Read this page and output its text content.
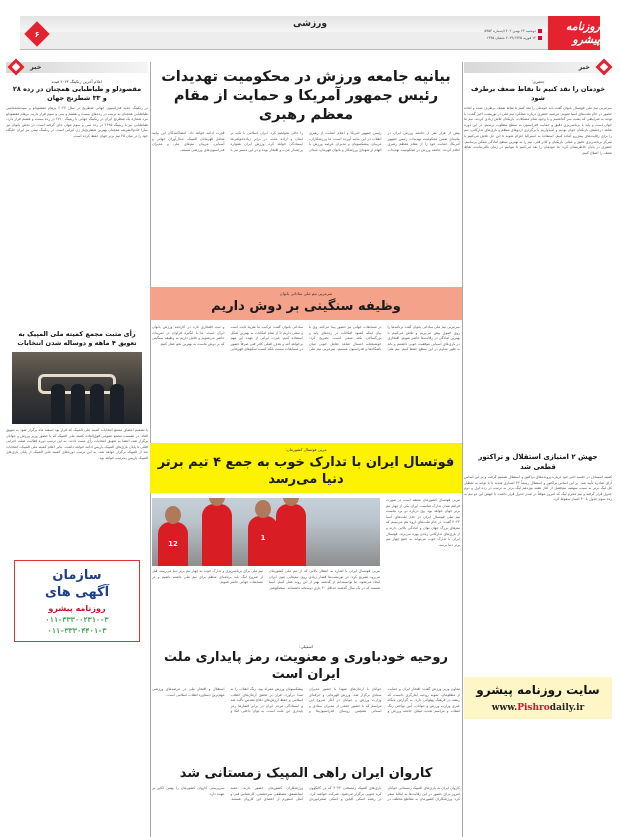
روزنامه پیشرو
دوشنبه ۲۳ بهمن ۱۴۰۲/شماره ۵۹۵۳
۱۲ فوریه ۲۰۲۴/۱۴۴۵ شعبان ۱۴۴۵
ورزشی
۶
خبر
جعفری:
خودمان را نقد کنیم تا نقاط ضعف برطرف شود
سرمربی تیم ملی فوتسال بانوان گفت باید خودمان را نقد کنیم تا نقاط ضعف برطرف شده و آماده حضور در جام ملت‌های آسیا شویم. مرضیه جعفری درباره عملکرد تیم ملی در تورنمنت اخیر گفت: با توجه به شرایطی که پشت سر گذاشتیم و با وجود تمام مشکلات، بازیکنان تلاش زیادی کردند. تیم ما جوان است و باید با برنامه‌ریزی دقیق و حمایت فدراسیون به سطح مطلوب برسیم. در این دوره شاهد درخشش بازیکنان جوان بودیم و امیدواریم با برگزاری اردوهای منظم و بازی‌های تدارکاتی، تیم را برای رقابت‌های پیش‌رو آماده کنیم. استفاده به استرالیا اعزام شوند تا این حل تلاش می‌کنیم با تمرکز برنامه‌ریزی دقیق و عملی بازیکنان و کادر فنی، تیم را به بهترین سطح آمادگی ممکن برسانیم. جعفری در پایان خاطرنشان کرد: ما خودمان را نقد می‌کنیم تا بتوانیم در زمان باقی‌مانده، نقاط ضعف را اصلاح کنیم.
جهش ۲ امتیازی استقلال و تراکتور قطعی شد
کمیته استیناف در جلسه اخیر خود درباره پرونده‌های تراکتور و استقلال تصمیم گرفت و بر این اساس آرای صادره تأیید شد. بر این اساس تراکتور و استقلال رسماً ۳۲ امتیازی شدند تا با توجه به تعطیل کل لیگ برتر به سبب سهمیه نیم‌فصل از آغاز هفته نوزدهم لیگ برتر به ترتیب در رده اول و دوم جدول قرار گرفته و تیم محرم لیگ که امروز موقتاً در صدر جدول قرار داشت با جهش این دو تیم به رده سوم جدول با ۳۰ امتیاز سقوط کرد.
سایت روزنامه پیشرو
www.Pishrodaily.ir
خبر
اعلام آخرین رنکینگ ۲۰۲۴ فیده
مقصودلو و طباطبایی همچنان در رده ۲۸ و ۳۳ شطرنج جهان
در رنکینگ جدید فدراسیون جهانی شطرنج در سال ۲۰۲۴ پرهام مقصودلو و سیدمحمدامین طباطبایی همچنان به ترتیب در رده‌های بیست و هشتم و سی و سوم قرار دارند. پرهام مقصودلو مرد شماره یک شطرنج ایران در رنکینگ جهانی با ریتینگ ۲۷۱۰ در رده بیست و هشتم قرار دارد. طباطبایی نیز با ریتینگ ۲۶۹۵ در رده سی و سوم جهان جای گرفته است. در بخش بانوان نیز سارا خادم‌الشریعه همچنان بهترین شطرنج‌باز زن ایرانی است. در رنکینگ تیمی نیز ایران جایگاه خود را در میان ۲۵ تیم برتر جهان حفظ کرده است.
رأی مثبت مجمع کمیته ملی المپیک به تعویق ۴ ماهه و دوساله شدن انتخابات
با تصمیم اعضای مجمع انتخابات کمیته ملی المپیک که قرار بود اسفند ماه برگزار شود به تعویق افتاد. در نشست مجمع عمومی فوق‌العاده کمیته ملی المپیک که با حضور وزیر ورزش و جوانان برگزار شد، اعضا به تعویق انتخابات رأی مثبت دادند. به این ترتیب دوره فعالیت هیئت اجرایی فعلی تا پایان بازی‌های المپیک پاریس ادامه خواهد داشت. بنابر اعلام کمیته ملی المپیک، انتخابات بعد از المپیک برگزار خواهد شد. به این ترتیب دوره‌های کمیته ملی المپیک از پایان بازی‌های المپیک پاریس به‌ترتیب خواهد بود.
سازمان
آگهی های
روزنامه پیشرو
۰۱۱-۳۳۳۰۰۲۳۱۰-۳
۰۱۱-۳۳۳۰۴۴۰۱-۳
بیانیه جامعه ورزش در محکومیت تهدیدات رئیس جمهور آمریکا و حمایت از مقام معظم رهبری
بیش از هزار نفر از جامعه ورزش ایران در بیانیه‌ای ضمن محکومیت تهدیدات رئیس جمهور آمریکا، حمایت خود را از مقام معظم رهبری اعلام کردند. جامعه ورزش در محکومیت تهدیدات رئیس جمهور آمریکا و اعلام حمایت از رهبری انقلاب در این بیانیه آورده است: ما ورزشکاران، مربیان، پیشکسوتان و مدیران عرصه ورزش با الهام از شهدای ورزشکار و بانوان قهرمان، میدان را خالی نخواهیم کرد. ایران اسلامی با تکیه بر ایمان و اراده ملت، در برابر زیاده‌خواهی‌ها ایستادگی خواهد کرد. ورزش ایران همواره پرچمدار عزت و افتخار بوده و در این مسیر نیز با قدرت ادامه خواهد داد. امضاکنندگان این بیانیه شامل قهرمانان المپیک، مدال‌آوران جهانی و آسیایی، مربیان تیم‌های ملی و مدیران فدراسیون‌های ورزشی هستند.
سرمربی تیم ملی ساداتی بانوان
وظیفه سنگینی بر دوش داریم
سرمربی تیم ملی ساداتی بانوان گفت برنامه‌ها را روی اصول پیش می‌بریم و تلاش می‌کنیم با بهترین آمادگی در رقابت‌ها حاضر شویم. افتخاری در بازی‌های آسیایی موفقیت خوبی داشتیم و باید به طور مداوم در این سطح حفظ کنیم. تیم ملی در مسابقات جهانی نیز حضور پیدا می‌کند. وی با بیان اینکه کمبود امکانات در رده‌های پایه و بزرگسالان نکته منفی است، تصریح کرد: خوشبختانه امسال شاهد تعامل خوبی میان باشگاه‌ها و فدراسیون هستیم. سرمربی تیم ملی ساداتی بانوان گفت: ترکیب ما تقریباً ثابت است و سعی داریم تا از تمام امکانات به بهترین شکل استفاده کنیم. غیرت ایرانی از عهده این مهم برخواهد آمد و هدف اصلی کادر فنی صرفاً حضور در مسابقات نیست بلکه کسب سکوهای قهرمانی و ثبت افتخاری تازه در کارنامه ورزش بانوان ایران است. ما با انگیزه فراوان در تمرینات حاضر می‌شویم و تلاش داریم به وظیفه سنگینی که بر دوش ماست به بهترین نحو عمل کنیم.
مربی فوتسال کشورمان:
فوتسال ایران با تدارک خوب به جمع ۴ تیم برتر دنیا می‌رسد
مربی فوتسال کشورمان معتقد است در صورت فراهم شدن تدارک مناسب، ایران یکی از چهار تیم برتر جهان خواهد بود. وی درباره دو برد نخست تیم ملی فوتسال ایران در جام ملت‌های آسیا ۲۰۲۴ گفت: در جام ملت‌های اروپا هم می‌بینیم که تیم‌های بزرگ جهان توان و آمادگی بالایی دارند و از بازی‌های تدارکاتی زیادی بهره می‌برند. فوتسال ایران با تدارک خوب می‌تواند به جمع چهار تیم برتر دنیا برسد.
12
1
مربی فوتسال ایران با اشاره به انتظار بالایی که از تیم ملی کشورمان می‌رود تصریح کرد: در تورنمنت‌ها فشار زیادی روی تیم‌هایی چون ایران ایجاد می‌شود. ما توانسته‌ایم از گذشته بهتر از این روند عمل کنیم. آسیا هستند که در یک سال گذشته حداقل ۳۰ بازی دوستانه داشته‌اند. سختکوشی تیم ملی برای برنامه‌ریزی و تدارک خوب به چهار تیم برتر دنیا می‌رسد. قبل از شروع لیگ باید برنامه‌ای منظم برای تیم ملی داشته باشیم و در مسابقات جهانی حاضر شویم.
اسفیلی:
روحیه خودباوری و معنویت، رمز پایداری ملت ایران است
معاون وزیر ورزش گفت: افتخار ایران و حمایت از مظلومان، نمونه روحیه ایثارگری دانست که ریشه در فرهنگ پهلوانی دارد. به گزارش پایگاه خبری وزارت ورزش و جوانان، آیین نواختن زنگ انقلاب و مراسم تجدید میثاق جامعه ورزش و جوانان با آرمان‌های شهدا با حضور مدیران ستادی برگزار شد. ورزش قهرمانی و حرفه‌ای وزارت ورزش و جوانان در آغاز شروع این مراسم که با حضور جمعی از مدیران ستادی و استانی همچنین روسای فدراسیون‌ها و پیشکسوتان ورزش همراه بود، زنگ انقلاب را به صدا درآورد. قرار بر تحقق آرمان‌های انقلاب اسلامی و حفظ ارزش‌های دفاع مقدس تأکید شد و ایستادگی مردم ایران در برابر فشارها رمز پایداری این ملت است. به توان داخلی اتکا و استقلال و افتخار ملی در عرصه‌های ورزشی مهم‌ترین دستاورد انقلاب اسلامی است.
کاروان ایران راهی المپیک زمستانی شد
کاروان ایران به بازی‌های المپیک زمستانی جوانان امروز برای حضور در این رقابت‌ها به ایتالیا سفر کرد. ورزشکاران کشورمان به مقاطع مختلف در بازی‌های المپیک زمستانی ۲۰۲۴ که در گانگوون کره جنوبی برگزار می‌شود، شرکت خواهند کرد. در رشته اسکی آلپاین و اسکی صحرانوردی ورزشکاران کشورمان حضور دارند. حمید ایمانشفق، مصطفی سرحشمی، کارشناس فنی و آنجل استورم از اعضای این کاروان هستند. سرپرستی کاروان کشورمان را بهمن آکاپر بر عهده دارد.
